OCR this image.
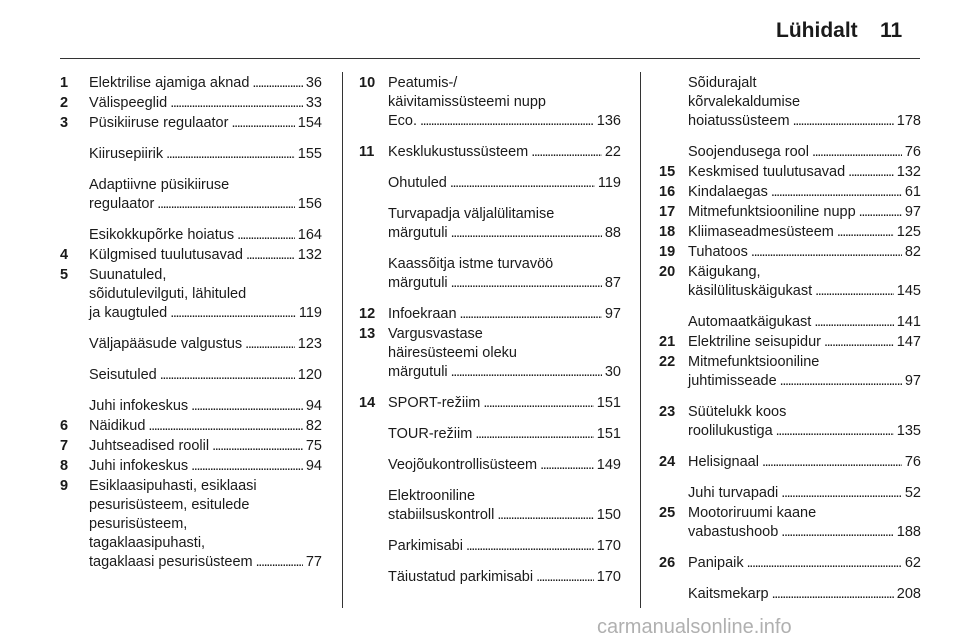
Lühidalt 11
1 Elektrilise ajamiga aknad . . .	36
2 Välispeeglid . . .	33
3 Püsikiiruse regulaator . . .	154
Kiirusepiirik . . .	155
Adaptiivne püsikiiruse
regulaator . . .	156
Esikokkupõrke hoiatus . . .	164
4 Külgmised tuulutusavad . . .	132
5 Suunatuled,
sõidutulevilguti, lähituled
ja kaugtuled . . .	119
Väljapääsude valgustus . . .	123
Seisutuled . . .	120
Juhi infokeskus . . .	94
6 Näidikud . . .	82
7 Juhtseadised roolil . . .	75
8 Juhi infokeskus . . .	94
9 Esiklaasipuhasti, esiklaasi
pesurisüsteem, esitulede
pesurisüsteem,
tagaklaasipuhasti,
tagaklaasi pesurisüsteem . . .	77
10 Peatumis-/
käivitamissüsteemi nupp
Eco. . . .	136
11 Kesklukustussüsteem . . .	22
Ohutuled . . .	119
Turvapadja väljalülitamise
märgutuli . . .	88
Kaassõitja istme turvavöö
märgutuli . . .	87
12 Infoekraan . . .	97
13 Vargusvastase
häiresüsteemi oleku
märgutuli . . .	30
14 SPORT-režiim . . .	151
TOUR-režiim . . .	151
Veojõukontrollisüsteem . . .	149
Elektrooniline
stabiilsuskontroll . . .	150
Parkimisabi . . .	170
Täiustatud parkimisabi . . .	170
Sõidurajalt
kõrvalekaldumise
hoiatussüsteem . . .	178
Soojendusega rool . . .	76
15 Keskmised tuulutusavad . . .	132
16 Kindalaegas . . .	61
17 Mitmefunktsiooniline nupp . . .	97
18 Kliimaseadmesüsteem . . .	125
19 Tuhatoos . . .	82
20 Käigukang,
käsilülituskäigukast . . .	145
Automaatkäigukast . . .	141
21 Elektriline seisupidur . . .	147
22 Mitmefunktsiooniline
juhtimisseade . . .	97
23 Süütelukk koos
roolilukustiga . . .	135
24 Helisignaal . . .	76
Juhi turvapadi . . .	52
25 Mootoriruumi kaane
vabastushoob . . .	188
26 Panipaik . . .	62
Kaitsmekarp . . .	208
carmanualsonline.info
